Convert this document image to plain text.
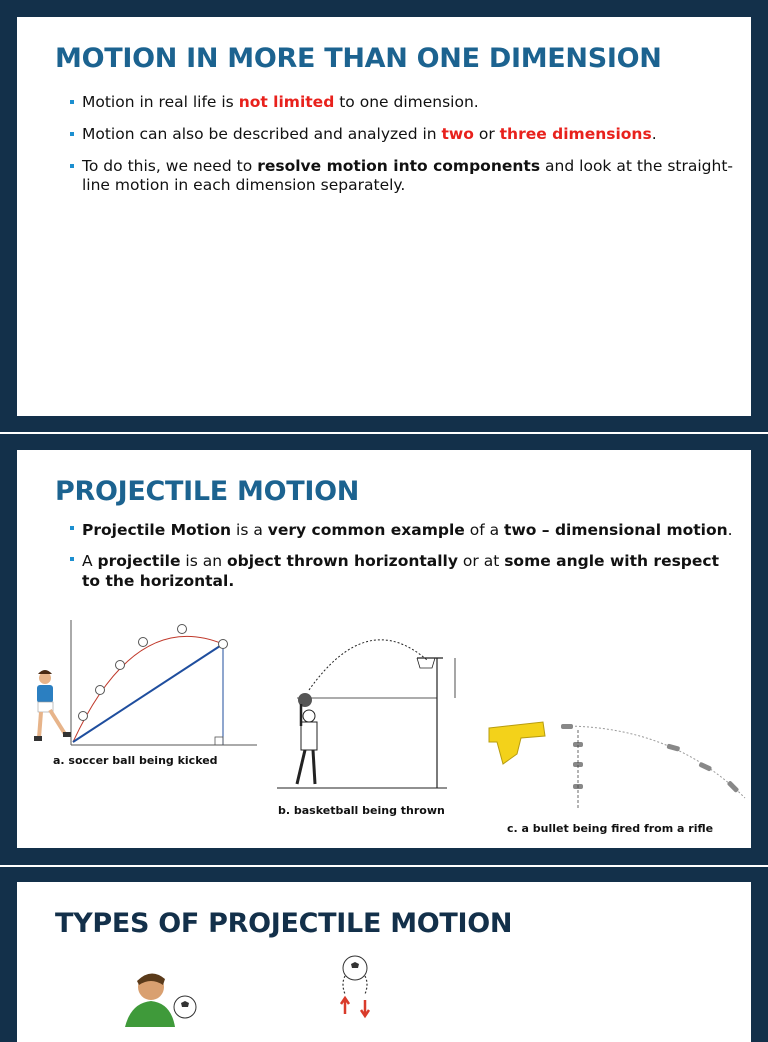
MOTION IN MORE THAN ONE DIMENSION
Motion in real life is not limited to one dimension.
Motion can also be described and analyzed in two or three dimensions.
To do this, we need to resolve motion into components and look at the straight-line motion in each dimension separately.
PROJECTILE MOTION
Projectile Motion is a very common example of a two – dimensional motion.
A projectile is an object thrown horizontally or at some angle with respect to the horizontal.
a. soccer ball being kicked
b. basketball being thrown
c. a bullet being fired from a rifle
TYPES OF PROJECTILE MOTION
